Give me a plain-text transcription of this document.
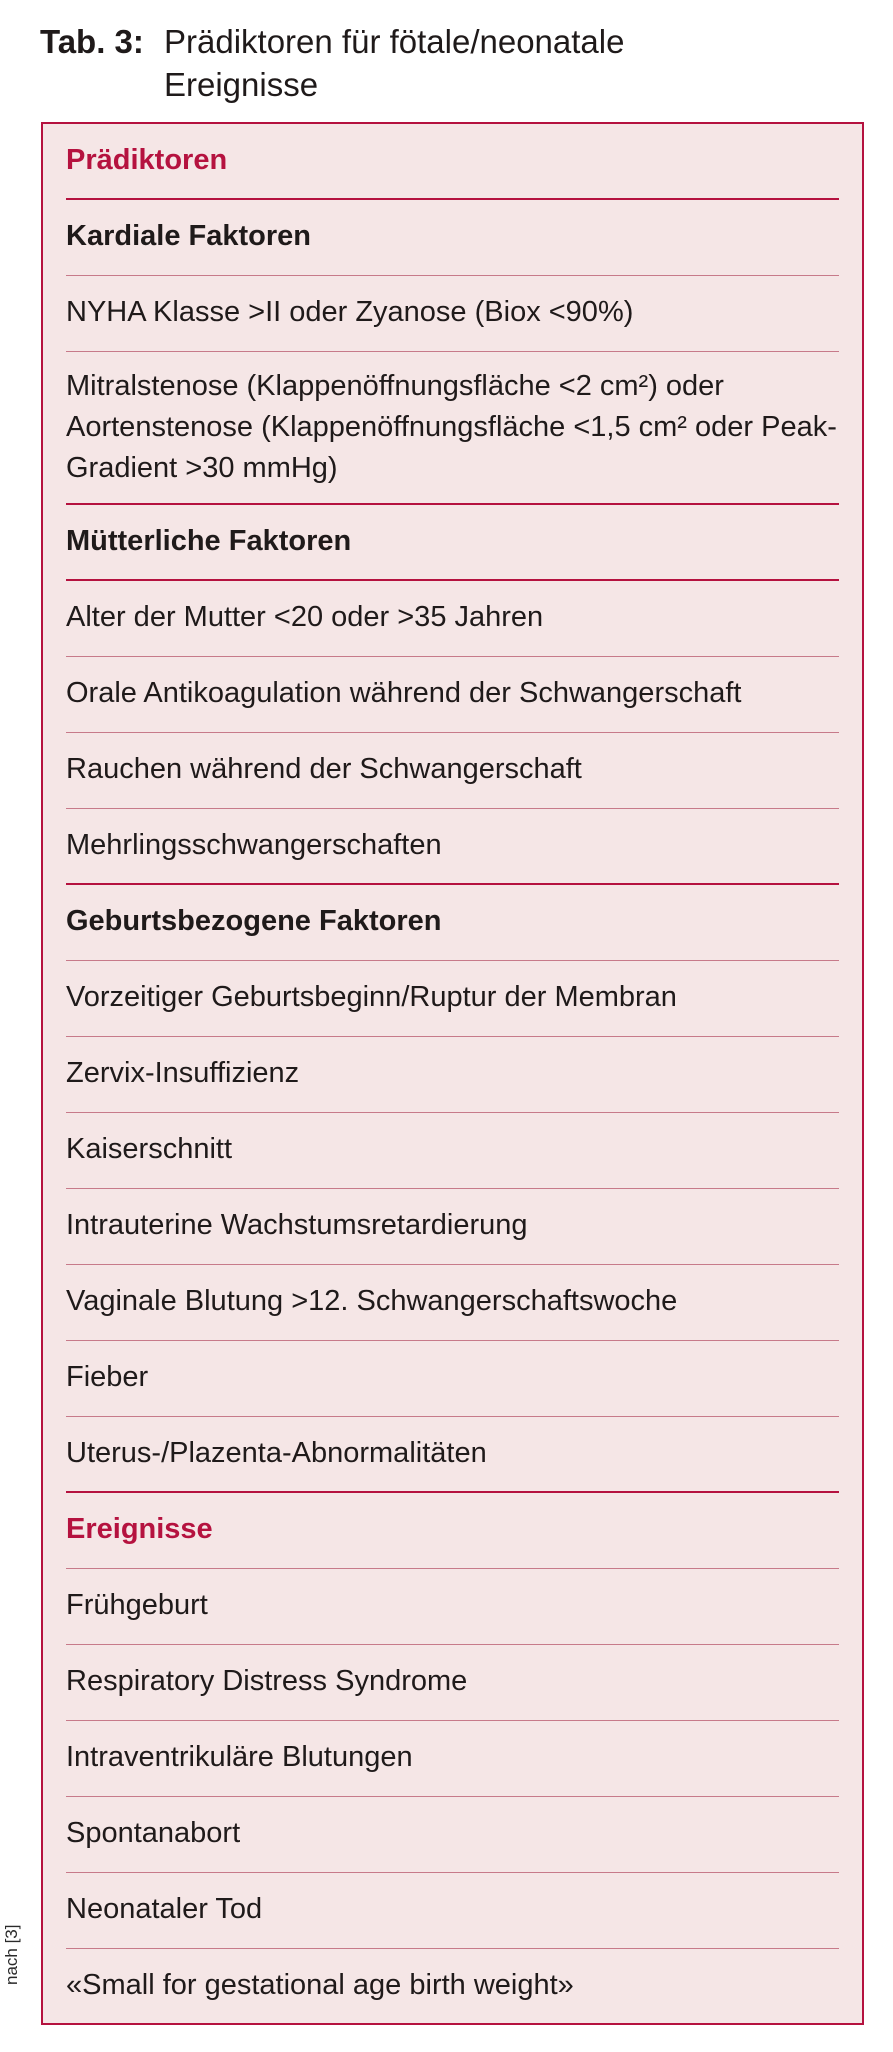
Tab. 3: Prädiktoren für fötale/neonatale
Ereignisse
Prädiktoren
Kardiale Faktoren
NYHA Klasse >II oder Zyanose (Biox <90%)
Mitralstenose (Klappenöffnungsfläche <2 cm²) oder Aortenstenose (Klappenöffnungsfläche <1,5 cm² oder Peak-Gradient >30 mmHg)
Mütterliche Faktoren
Alter der Mutter <20 oder >35 Jahren
Orale Antikoagulation während der Schwangerschaft
Rauchen während der Schwangerschaft
Mehrlingsschwangerschaften
Geburtsbezogene Faktoren
Vorzeitiger Geburtsbeginn/Ruptur der Membran
Zervix-Insuffizienz
Kaiserschnitt
Intrauterine Wachstumsretardierung
Vaginale Blutung >12. Schwangerschaftswoche
Fieber
Uterus-/Plazenta-Abnormalitäten
Ereignisse
Frühgeburt
Respiratory Distress Syndrome
Intraventrikuläre Blutungen
Spontanabort
Neonataler Tod
«Small for gestational age birth weight»
nach [3]
